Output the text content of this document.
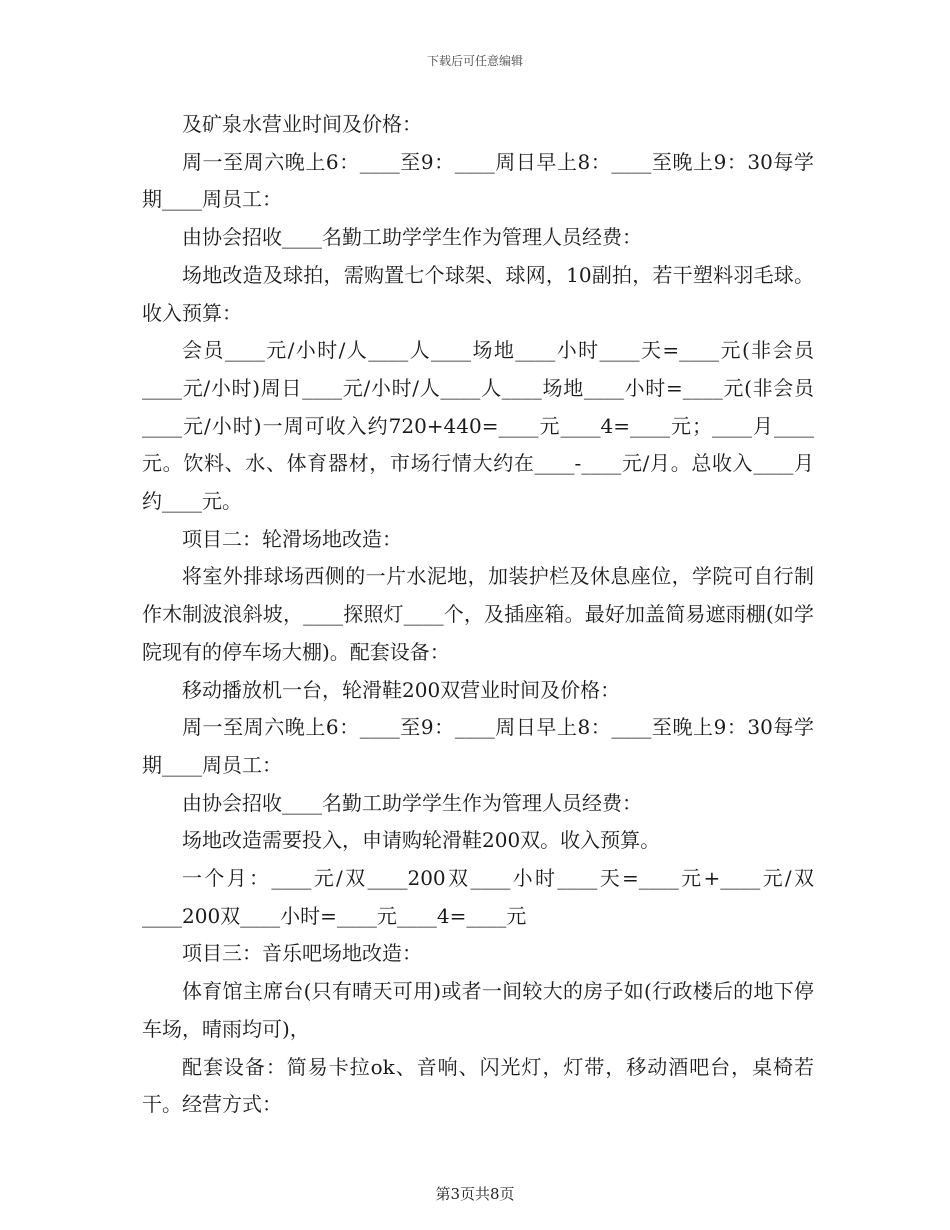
下载后可任意编辑

及矿泉水营业时间及价格：

周一至周六晚上6：____至9：____周日早上8：____至晚上9：30每学期____周员工：

由协会招收____名勤工助学学生作为管理人员经费：

场地改造及球拍，需购置七个球架、球网，10副拍，若干塑料羽毛球。收入预算：

会员____元/小时/人____人____场地____小时____天=____元(非会员____元/小时)周日____元/小时/人____人____场地____小时=____元(非会员____元/小时)一周可收入约720+440=____元____4=____元；____月____元。饮料、水、体育器材，市场行情大约在____-____元/月。总收入____月约____元。

项目二：轮滑场地改造：

将室外排球场西侧的一片水泥地，加装护栏及休息座位，学院可自行制作木制波浪斜坡，____探照灯____个，及插座箱。最好加盖简易遮雨棚(如学院现有的停车场大棚)。配套设备：

移动播放机一台，轮滑鞋200双营业时间及价格：

周一至周六晚上6：____至9：____周日早上8：____至晚上9：30每学期____周员工：

由协会招收____名勤工助学学生作为管理人员经费：

场地改造需要投入，申请购轮滑鞋200双。收入预算。

一个月：____元/双____200双____小时____天=____元+____元/双____200双____小时=____元____4=____元

项目三：音乐吧场地改造：

体育馆主席台(只有晴天可用)或者一间较大的房子如(行政楼后的地下停车场，晴雨均可)，

配套设备：简易卡拉ok、音响、闪光灯，灯带，移动酒吧台，桌椅若干。经营方式：

第3页共8页
